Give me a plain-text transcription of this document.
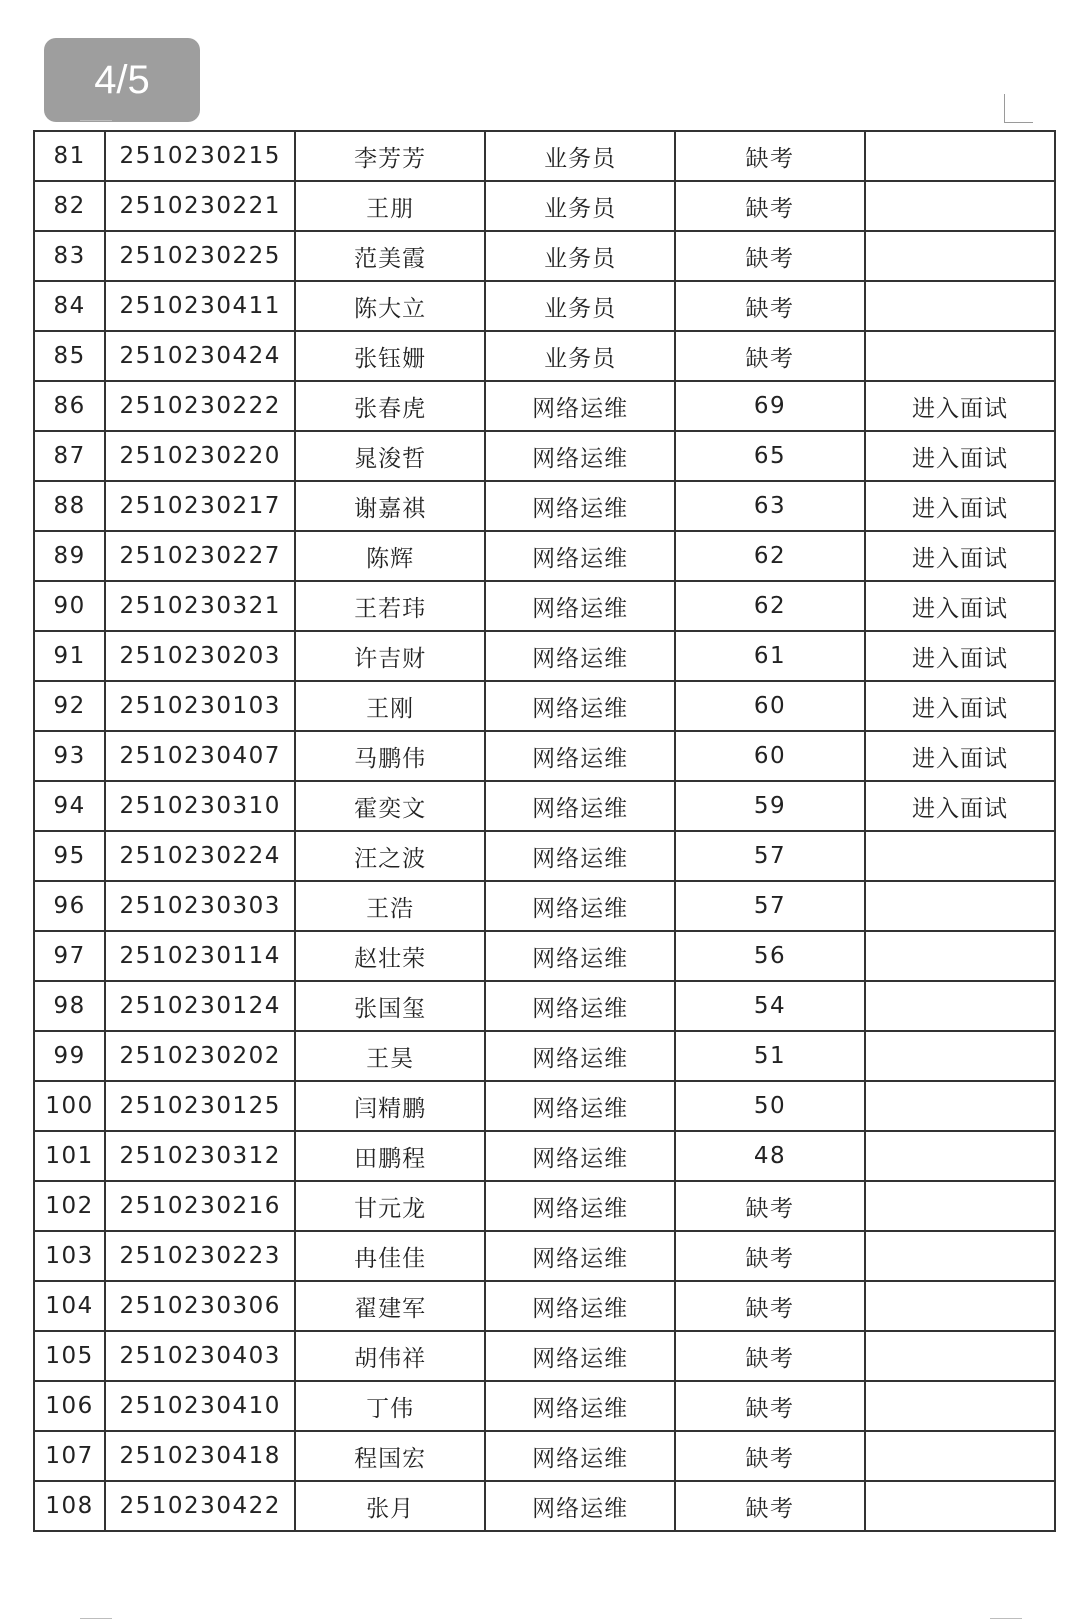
4/5
81	2510230215	李芳芳	业务员	缺考	
82	2510230221	王朋	业务员	缺考	
83	2510230225	范美霞	业务员	缺考	
84	2510230411	陈大立	业务员	缺考	
85	2510230424	张钰姗	业务员	缺考	
86	2510230222	张春虎	网络运维	69	进入面试
87	2510230220	晁浚哲	网络运维	65	进入面试
88	2510230217	谢嘉祺	网络运维	63	进入面试
89	2510230227	陈辉	网络运维	62	进入面试
90	2510230321	王若玮	网络运维	62	进入面试
91	2510230203	许吉财	网络运维	61	进入面试
92	2510230103	王刚	网络运维	60	进入面试
93	2510230407	马鹏伟	网络运维	60	进入面试
94	2510230310	霍奕文	网络运维	59	进入面试
95	2510230224	汪之波	网络运维	57	
96	2510230303	王浩	网络运维	57	
97	2510230114	赵壮荣	网络运维	56	
98	2510230124	张国玺	网络运维	54	
99	2510230202	王昊	网络运维	51	
100	2510230125	闫精鹏	网络运维	50	
101	2510230312	田鹏程	网络运维	48	
102	2510230216	甘元龙	网络运维	缺考	
103	2510230223	冉佳佳	网络运维	缺考	
104	2510230306	翟建军	网络运维	缺考	
105	2510230403	胡伟祥	网络运维	缺考	
106	2510230410	丁伟	网络运维	缺考	
107	2510230418	程国宏	网络运维	缺考	
108	2510230422	张月	网络运维	缺考	
